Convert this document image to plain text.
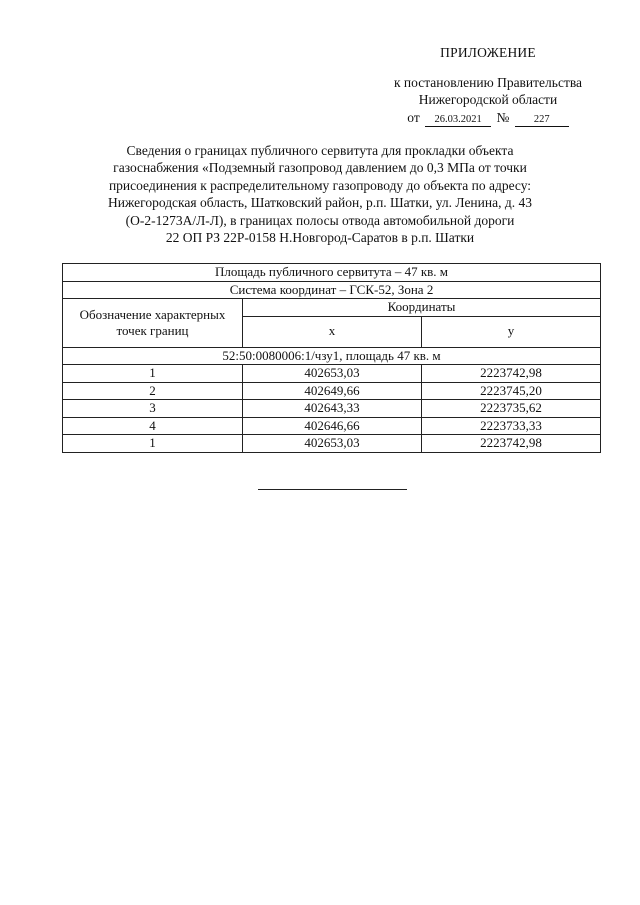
ПРИЛОЖЕНИЕ
к постановлению Правительства
Нижегородской области
от 26.03.2021 № 227
Сведения о границах публичного сервитута для прокладки объекта
газоснабжения «Подземный газопровод давлением до 0,3 МПа от точки
присоединения к распределительному газопроводу до объекта по адресу:
Нижегородская область, Шатковский район, р.п. Шатки, ул. Ленина, д. 43
(О-2-1273А/Л-Л), в границах полосы отвода автомобильной дороги
22 ОП РЗ 22Р-0158 Н.Новгород-Саратов в р.п. Шатки
Площадь публичного сервитута – 47 кв. м		
Система координат – ГСК-52, Зона 2		
Обозначение характерных точек границ	Координаты	
	x	y
52:50:0080006:1/чзу1, площадь 47 кв. м		
1	402653,03	2223742,98
2	402649,66	2223745,20
3	402643,33	2223735,62
4	402646,66	2223733,33
1	402653,03	2223742,98
